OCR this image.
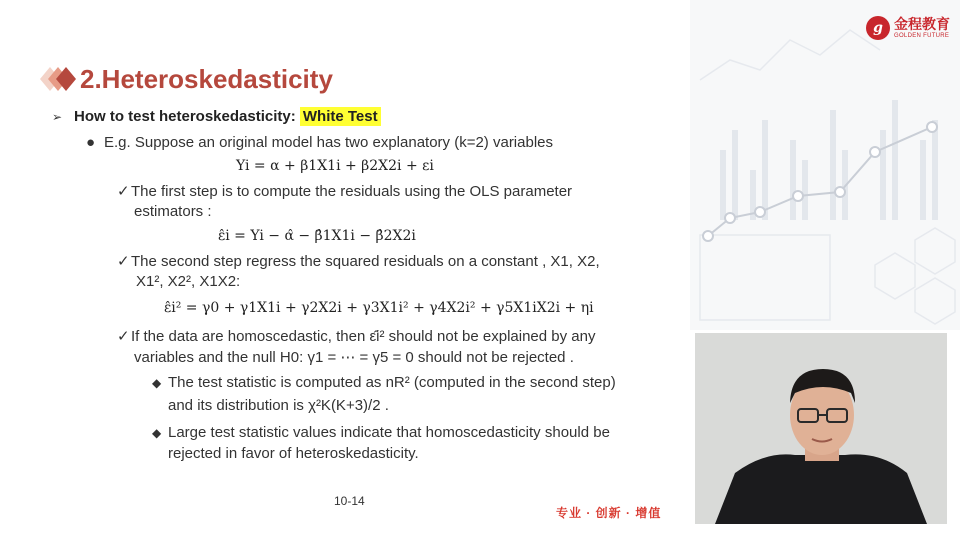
g 金程教育
GOLDEN FUTURE
2.Heteroskedasticity
➢ How to test heteroskedasticity: White Test
● E.g. Suppose an original model has two explanatory (k=2) variables
Yi = α + β1X1i + β2X2i + εi
✓The first step is to compute the residuals using the OLS parameter
estimators :
ε̂i = Yi − α̂ − β̂1X1i − β̂2X2i
✓The second step regress the squared residuals on a constant , X1, X2,
X1², X2², X1X2:
ε̂i² = γ0 + γ1X1i + γ2X2i + γ3X1i² + γ4X2i² + γ5X1iX2i + ηi
✓If the data are homoscedastic, then ε̂i² should not be explained by any
variables and the null H0: γ1 = ⋯ = γ5 = 0 should not be rejected .
◆ The test statistic is computed as nR² (computed in the second step)
and its distribution is χ²K(K+3)/2 .
◆ Large test statistic values indicate that homoscedasticity should be
rejected in favor of heteroskedasticity.
10-14
专业 · 创新 · 增值
